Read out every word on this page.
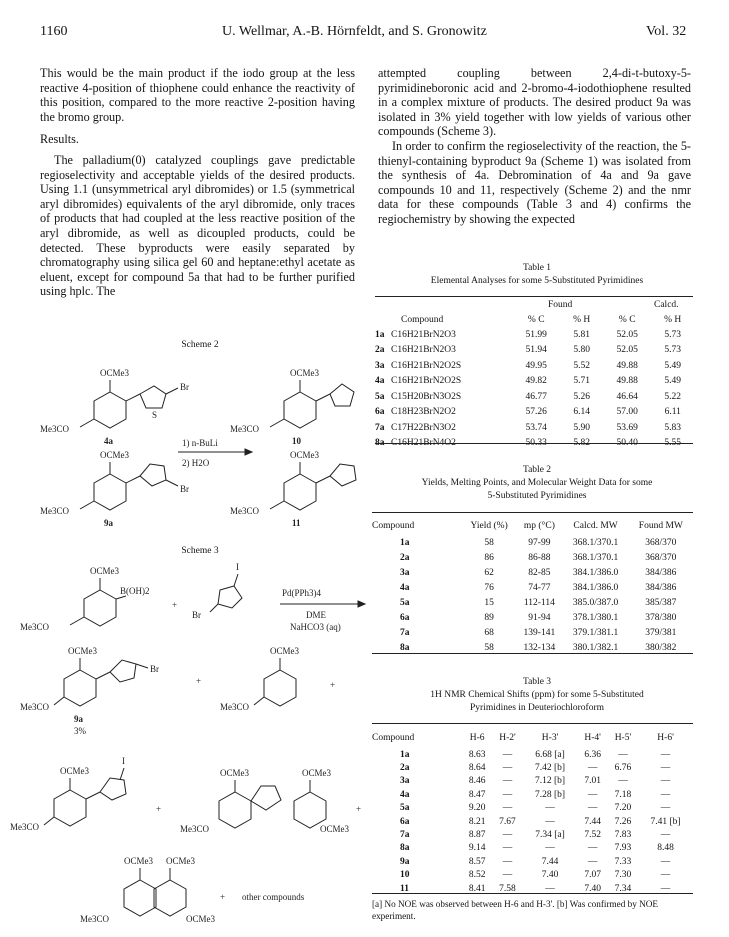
1160	U. Wellmar, A.-B. Hörnfeldt, and S. Gronowitz	Vol. 32

This would be the main product if the iodo group at the less reactive 4-position of thiophene could enhance the reactivity of this position, compared to the more reactive 2-position having the bromo group.

Results.

The palladium(0) catalyzed couplings gave predictable regioselectivity and acceptable yields of the desired products. Using 1.1 (unsymmetrical aryl dibromides) or 1.5 (symmetrical aryl dibromides) equivalents of the aryl dibromide, only traces of products that had coupled at the less reactive position of the aryl dibromide, as well as dicoupled products, could be detected. These byproducts were easily separated by chromatography using silica gel 60 and heptane:ethyl acetate as eluent, except for compound 5a that had to be further purified using hplc. The

attempted coupling between 2,4-di-t-butoxy-5-pyrimidineboronic acid and 2-bromo-4-iodothiophene resulted in a complex mixture of products. The desired product 9a was isolated in 3% yield together with low yields of various other compounds (Scheme 3).

In order to confirm the regioselectivity of the reaction, the 5-thienyl-containing byproduct 9a (Scheme 1) was isolated from the synthesis of 4a. Debromination of 4a and 9a gave compounds 10 and 11, respectively (Scheme 2) and the nmr data for these compounds (Table 3 and 4) confirms the regiochemistry by showing the expected

Scheme 2
OCMe3
Me3CO
Br
S
OCMe3
Me3CO
OCMe3
Me3CO
Br
OCMe3
Me3CO
1) n-BuLi
2) H2O
4a	10
9a	11
Scheme 3
OCMe3
B(OH)2
Me3CO
+
I
Br
Pd(PPh3)4
DME
NaHCO3 (aq)
OCMe3
Me3CO
Br
+
OCMe3
Me3CO
+
9a
3%
OCMe3
I
Me3CO
+
OCMe3	OCMe3
Me3CO	OCMe3
+
OCMe3 OCMe3
Me3CO	OCMe3
+ other compounds
Table 1
Elemental Analyses for some 5-Substituted Pyrimidines
Found	Calcd.
Compound		% C	% H	% C	% H
1a	C16H21BrN2O3	51.99	5.81	52.05	5.73
2a	C16H21BrN2O3	51.94	5.80	52.05	5.73
3a	C16H21BrN2O2S	49.95	5.52	49.88	5.49
4a	C16H21BrN2O2S	49.82	5.71	49.88	5.49
5a	C15H20BrN3O2S	46.77	5.26	46.64	5.22
6a	C18H23BrN2O2	57.26	6.14	57.00	6.11
7a	C17H22BrN3O2	53.74	5.90	53.69	5.83
8a	C16H21BrN4O2	50.33	5.82	50.40	5.55
Table 2
Yields, Melting Points, and Molecular Weight Data for some
5-Substituted Pyrimidines
Compound	Yield (%)	mp (°C)	Calcd. MW	Found MW
1a	58	97-99	368.1/370.1	368/370
2a	86	86-88	368.1/370.1	368/370
3a	62	82-85	384.1/386.0	384/386
4a	76	74-77	384.1/386.0	384/386
5a	15	112-114	385.0/387.0	385/387
6a	89	91-94	378.1/380.1	378/380
7a	68	139-141	379.1/381.1	379/381
8a	58	132-134	380.1/382.1	380/382
Table 3
1H NMR Chemical Shifts (ppm) for some 5-Substituted
Pyrimidines in Deuteriochloroform
Compound	H-6	H-2'	H-3'	H-4'	H-5'	H-6'
1a	8.63	—	6.68 [a]	6.36	—	—
2a	8.64	—	7.42 [b]	—	6.76	—
3a	8.46	—	7.12 [b]	7.01	—	—
4a	8.47	—	7.28 [b]	—	7.18	—
5a	9.20	—	—	—	7.20	—
6a	8.21	7.67	—	7.44	7.26	7.41 [b]
7a	8.87	—	7.34 [a]	7.52	7.83	—
8a	9.14	—	—	—	7.93	8.48
9a	8.57	—	7.44	—	7.33	—
10	8.52	—	7.40	7.07	7.30	—
11	8.41	7.58	—	7.40	7.34	—
[a] No NOE was observed between H-6 and H-3'. [b] Was confirmed by NOE experiment.
